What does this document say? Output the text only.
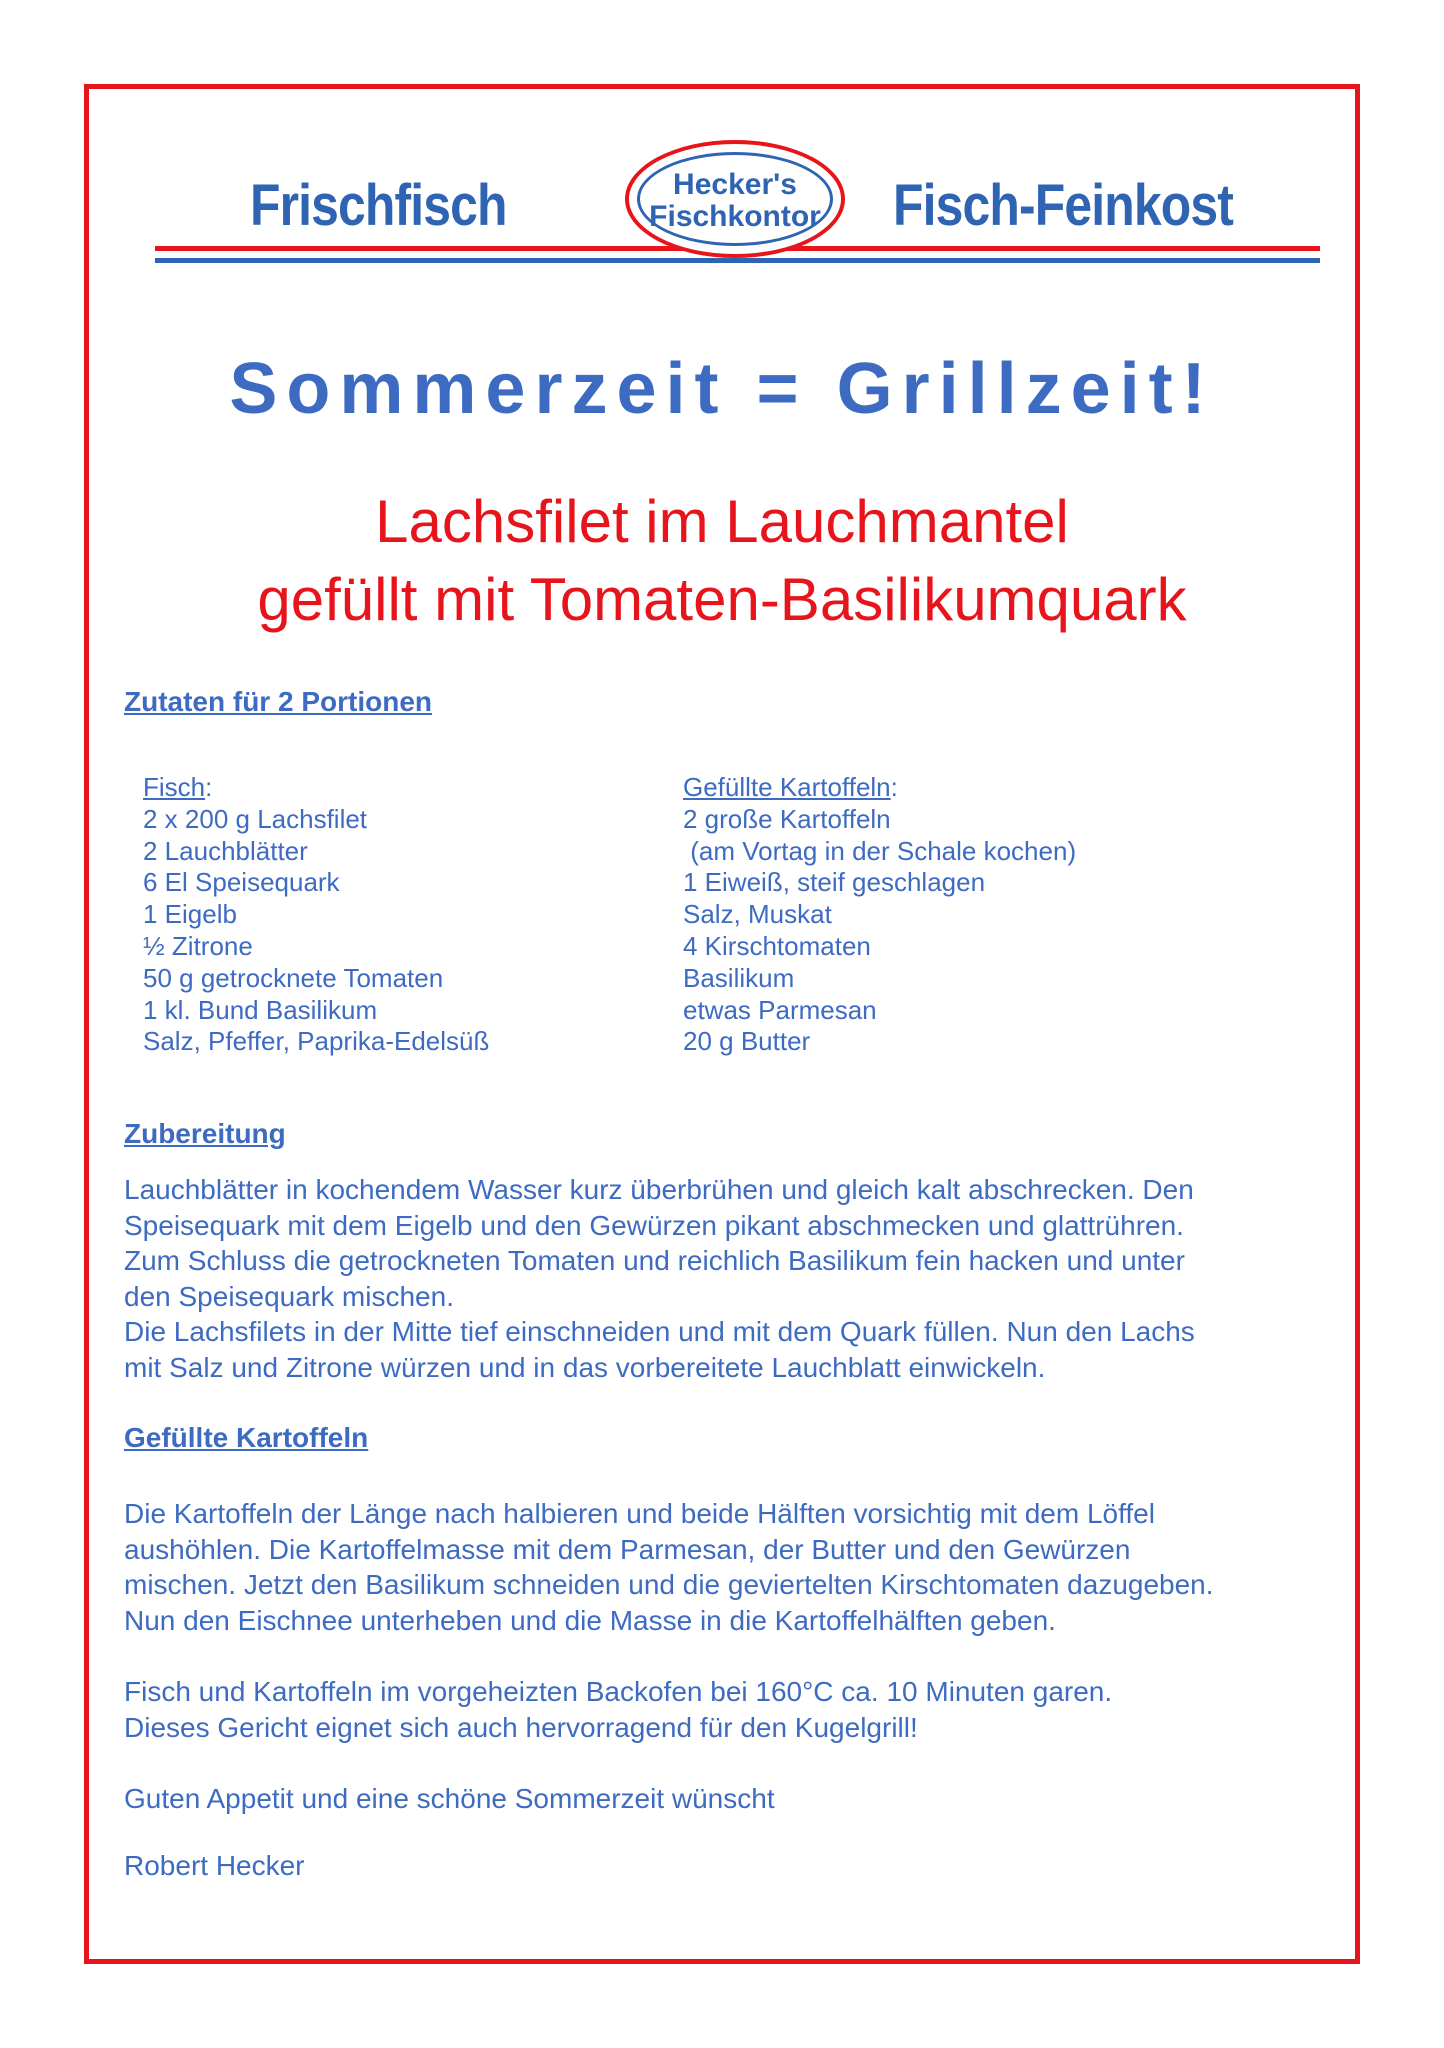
Frischfisch	Fisch-Feinkost
Hecker's
Fischkontor
Sommerzeit = Grillzeit!
Lachsfilet im Lauchmantel
gefüllt mit Tomaten-Basilikumquark
Zutaten für 2 Portionen
Fisch:
2 x 200 g Lachsfilet
2 Lauchblätter
6 El Speisequark
1 Eigelb
½ Zitrone
50 g getrocknete Tomaten
1 kl. Bund Basilikum
Salz, Pfeffer, Paprika-Edelsüß
Gefüllte Kartoffeln:
2 große Kartoffeln
(am Vortag in der Schale kochen)
1 Eiweiß, steif geschlagen
Salz, Muskat
4 Kirschtomaten
Basilikum
etwas Parmesan
20 g Butter
Zubereitung
Lauchblätter in kochendem Wasser kurz überbrühen und gleich kalt abschrecken. Den
Speisequark mit dem Eigelb und den Gewürzen pikant abschmecken und glattrühren.
Zum Schluss die getrockneten Tomaten und reichlich Basilikum fein hacken und unter
den Speisequark mischen.
Die Lachsfilets in der Mitte tief einschneiden und mit dem Quark füllen. Nun den Lachs
mit Salz und Zitrone würzen und in das vorbereitete Lauchblatt einwickeln.
Gefüllte Kartoffeln
Die Kartoffeln der Länge nach halbieren und beide Hälften vorsichtig mit dem Löffel
aushöhlen. Die Kartoffelmasse mit dem Parmesan, der Butter und den Gewürzen
mischen. Jetzt den Basilikum schneiden und die geviertelten Kirschtomaten dazugeben.
Nun den Eischnee unterheben und die Masse in die Kartoffelhälften geben.
Fisch und Kartoffeln im vorgeheizten Backofen bei 160°C ca. 10 Minuten garen.
Dieses Gericht eignet sich auch hervorragend für den Kugelgrill!
Guten Appetit und eine schöne Sommerzeit wünscht
Robert Hecker
